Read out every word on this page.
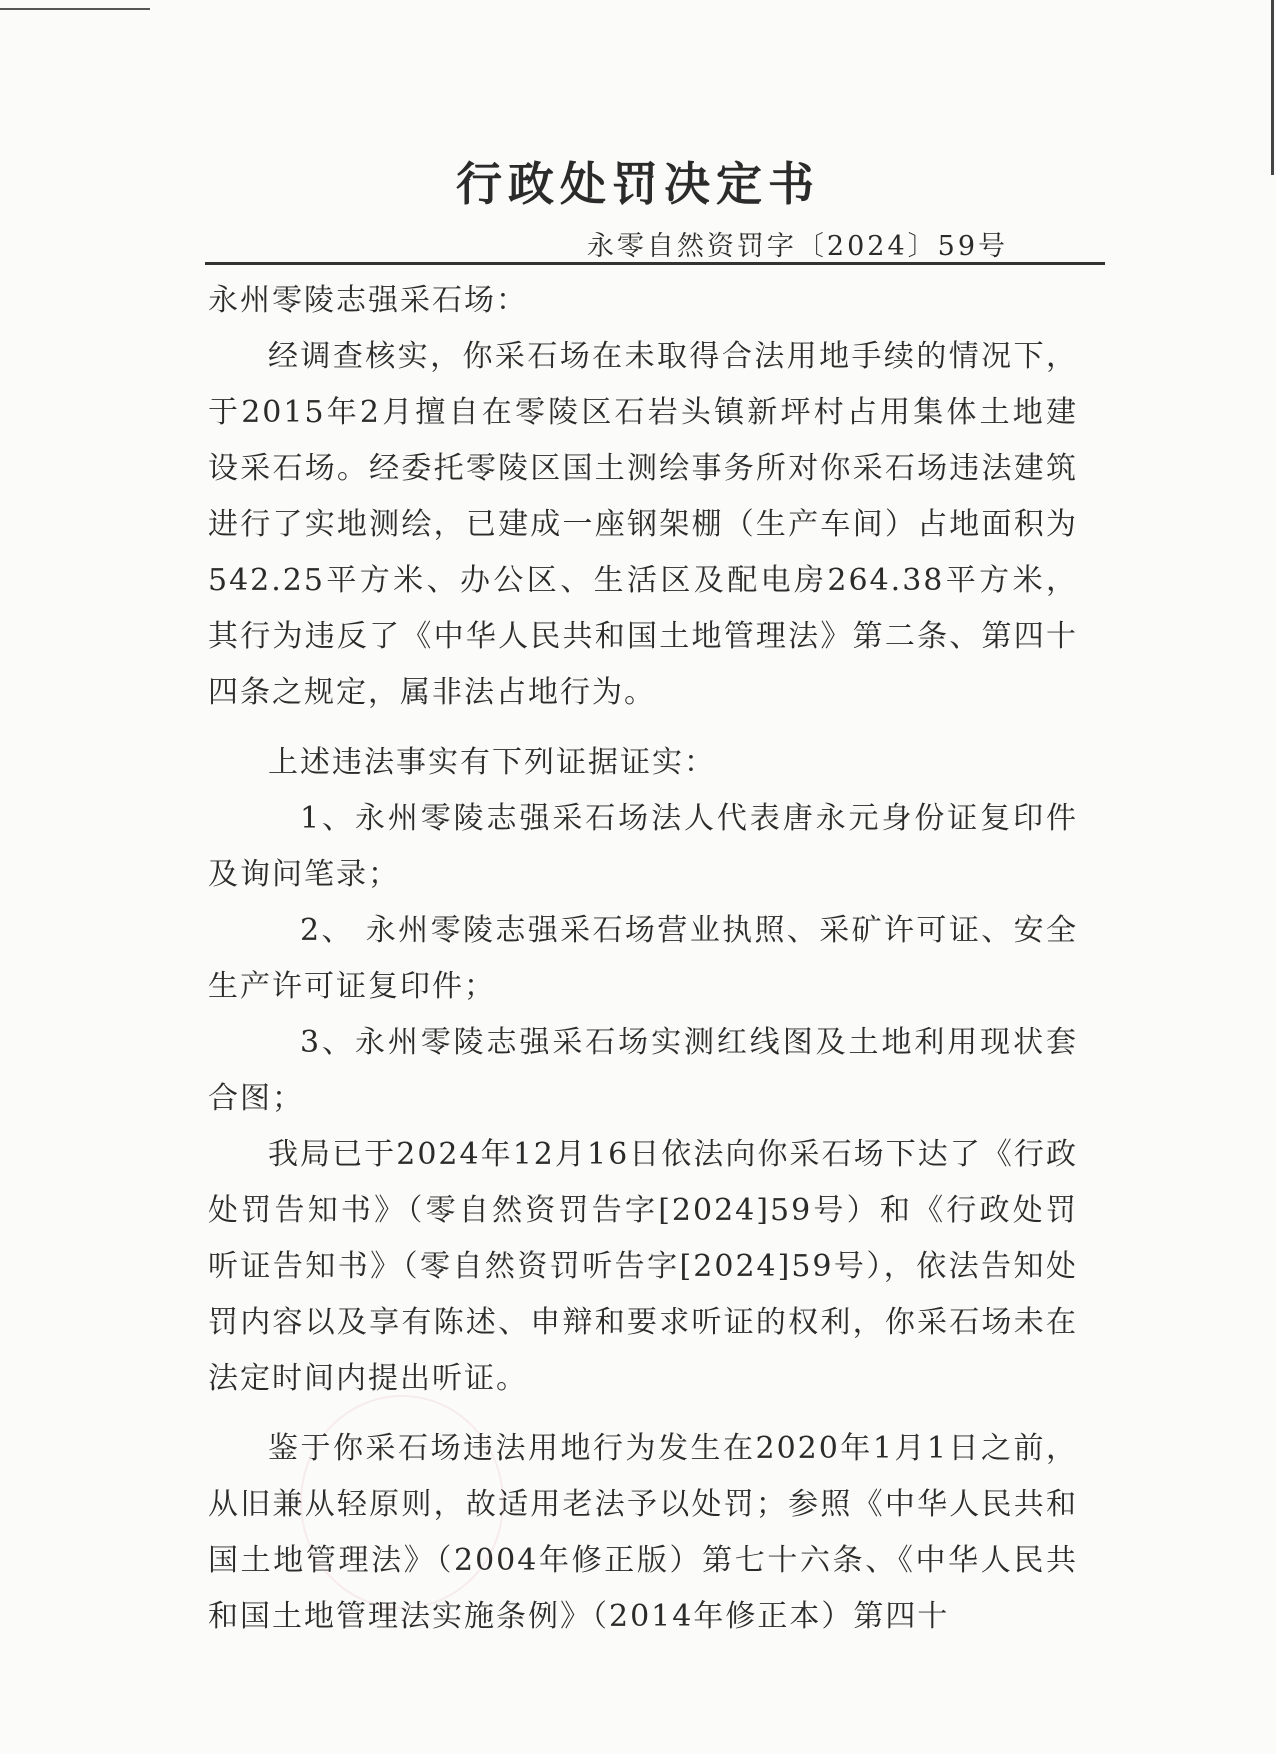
行政处罚决定书
永零自然资罚字〔2024〕59号

永州零陵志强采石场：

经调查核实，你采石场在未取得合法用地手续的情况下，于2015年2月擅自在零陵区石岩头镇新坪村占用集体土地建设采石场。经委托零陵区国土测绘事务所对你采石场违法建筑进行了实地测绘，已建成一座钢架棚（生产车间）占地面积为542.25平方米、办公区、生活区及配电房264.38平方米，其行为违反了《中华人民共和国土地管理法》第二条、第四十四条之规定，属非法占地行为。

上述违法事实有下列证据证实：

1、永州零陵志强采石场法人代表唐永元身份证复印件及询问笔录；

2、 永州零陵志强采石场营业执照、采矿许可证、安全生产许可证复印件；

3、永州零陵志强采石场实测红线图及土地利用现状套合图；

我局已于2024年12月16日依法向你采石场下达了《行政处罚告知书》（零自然资罚告字[2024]59号）和《行政处罚听证告知书》（零自然资罚听告字[2024]59号），依法告知处罚内容以及享有陈述、申辩和要求听证的权利，你采石场未在法定时间内提出听证。

鉴于你采石场违法用地行为发生在2020年1月1日之前，从旧兼从轻原则，故适用老法予以处罚；参照《中华人民共和国土地管理法》（2004年修正版）第七十六条、《中华人民共和国土地管理法实施条例》（2014年修正本）第四十
